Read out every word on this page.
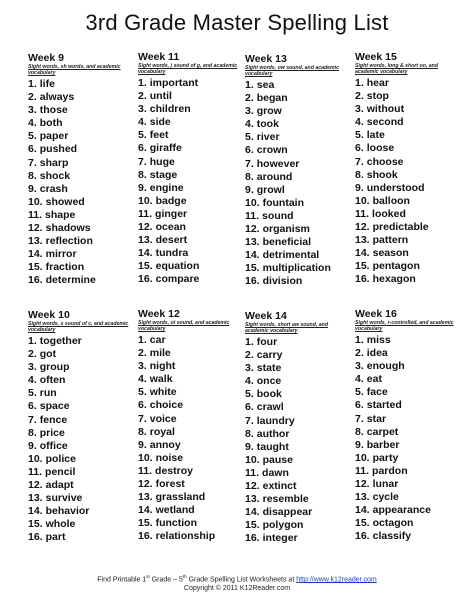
3rd Grade Master Spelling List
Week 9
Sight words, sh words, and academic vocabulary
1. life
2. always
3. those
4. both
5. paper
6. pushed
7. sharp
8. shock
9. crash
10. showed
11. shape
12. shadows
13. reflection
14. mirror
15. fraction
16. determine
Week 11
Sight words, j sound of g, and academic vocabulary
1. important
2. until
3. children
4. side
5. feet
6. giraffe
7. huge
8. stage
9. engine
10. badge
11. ginger
12. ocean
13. desert
14. tundra
15. equation
16. compare
Week 13
Sight words, ow sound, and academic vocabulary
1. sea
2. began
3. grow
4. took
5. river
6. crown
7. however
8. around
9. growl
10. fountain
11. sound
12. organism
13. beneficial
14. detrimental
15. multiplication
16. division
Week 15
Sight words, long & short oo, and academic vocabulary
1. hear
2. stop
3. without
4. second
5. late
6. loose
7. choose
8. shook
9. understood
10. balloon
11. looked
12. predictable
13. pattern
14. season
15. pentagon
16. hexagon
Week 10
Sight words, s sound of c, and academic vocabulary
1. together
2. got
3. group
4. often
5. run
6. space
7. fence
8. price
9. office
10. police
11. pencil
12. adapt
13. survive
14. behavior
15. whole
16. part
Week 12
Sight words, oi sound, and academic vocabulary
1. car
2. mile
3. night
4. walk
5. white
6. choice
7. voice
8. royal
9. annoy
10. noise
11. destroy
12. forest
13. grassland
14. wetland
15. function
16. relationship
Week 14
Sight words, short aw sound, and academic vocabulary
1. four
2. carry
3. state
4. once
5. book
6. crawl
7. laundry
8. author
9. taught
10. pause
11. dawn
12. extinct
13. resemble
14. disappear
15. polygon
16. integer
Week 16
Sight words, r-controlled, and academic vocabulary
1. miss
2. idea
3. enough
4. eat
5. face
6. started
7. star
8. carpet
9. barber
10. party
11. pardon
12. lunar
13. cycle
14. appearance
15. octagon
16. classify
Find Printable 1st Grade – 5th Grade Spelling List Worksheets at http://www.k12reader.com
Copyright © 2011 K12Reader.com
